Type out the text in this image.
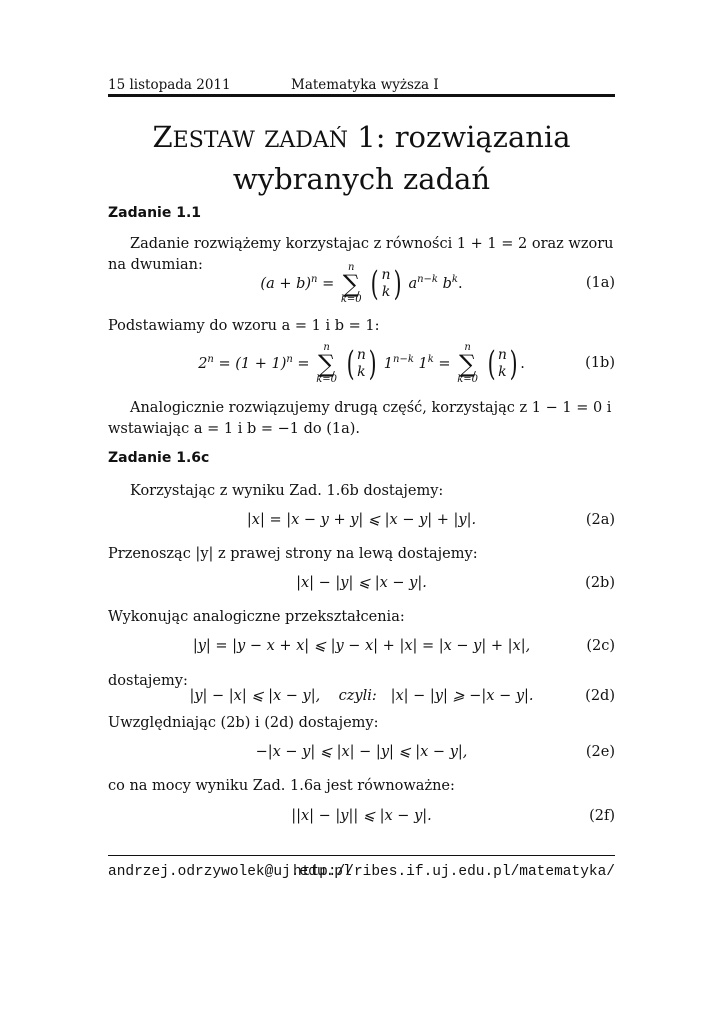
15 listopada 2011	Matematyka wyższa I
ZESTAW ZADAŃ 1: rozwiązania
wybranych zadań
Zadanie 1.1
Zadanie rozwiążemy korzystajac z równości 1 + 1 = 2 oraz wzoru na dwumian:
$(a + b)^n$ =
n
∑
k=0
( n
k ) $a^{n-k}$ $b^k$.	(1a)
Podstawiamy do wzoru a = 1 i b = 1:
$2^n = (1 + 1)^n$ =
n
∑
k=0
( n
k ) $1^{n-k}$ $1^k$ =
n
∑
k=0
( n
k ) .	(1b)
Analogicznie rozwiązujemy drugą część, korzystając z 1 − 1 = 0 i wstawiając a = 1 i b = −1 do (1a).
Zadanie 1.6c
Korzystając z wyniku Zad. 1.6b dostajemy:
|x| = |x − y + y| ⩽ |x − y| + |y|.	(2a)
Przenosząc |y| z prawej strony na lewą dostajemy:
|x| − |y| ⩽ |x − y|.	(2b)
Wykonując analogiczne przekształcenia:
|y| = |y − x + x| ⩽ |y − x| + |x| = |x − y| + |x|,	(2c)
dostajemy:
|y| − |x| ⩽ |x − y|,    czyli:   |x| − |y| ⩾ −|x − y|.	(2d)
Uwzględniając (2b) i (2d) dostajemy:
−|x − y| ⩽ |x| − |y| ⩽ |x − y|,	(2e)
co na mocy wyniku Zad. 1.6a jest równoważne:
||x| − |y|| ⩽ |x − y|.	(2f)
andrzej.odrzywolek@uj.edu.pl
http://ribes.if.uj.edu.pl/matematyka/
